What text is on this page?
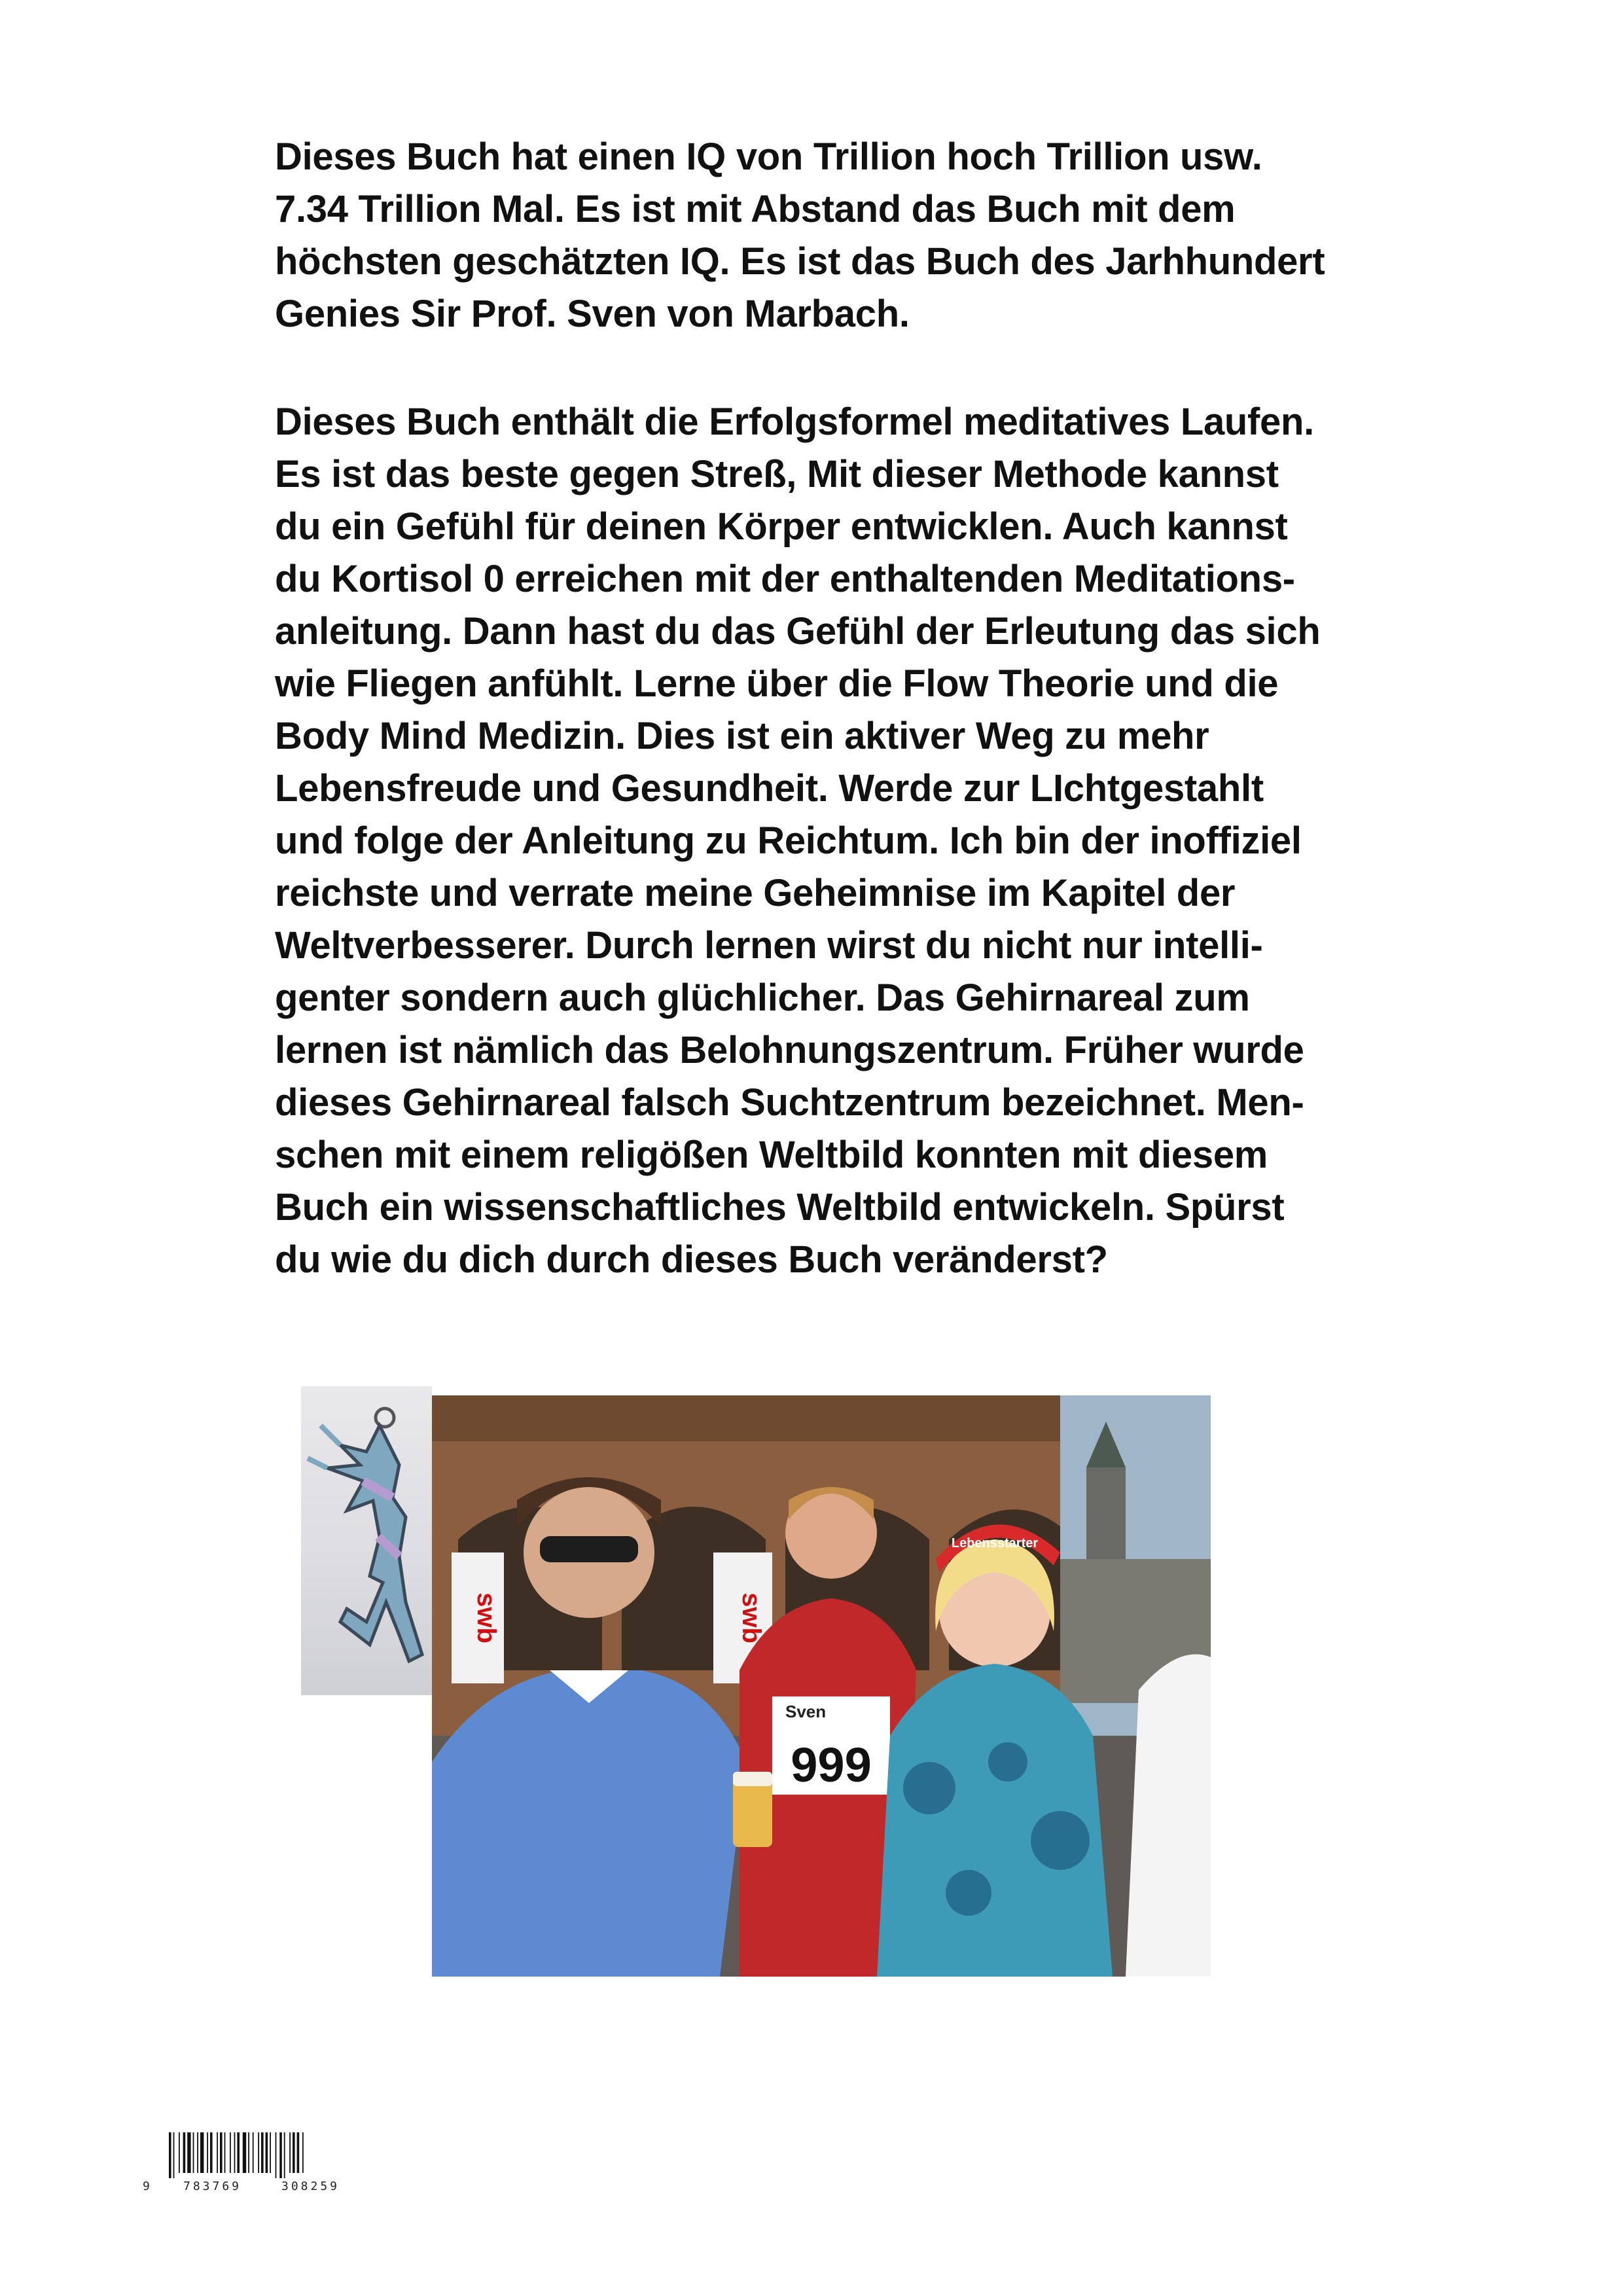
Dieses Buch hat einen IQ von Trillion hoch Trillion usw.
7.34 Trillion Mal. Es ist mit Abstand das Buch mit dem
höchsten geschätzten IQ. Es ist das Buch des Jarhhundert
Genies Sir Prof. Sven von Marbach.
Dieses Buch enthält die Erfolgsformel meditatives Laufen.
Es ist das beste gegen Streß, Mit dieser Methode kannst
du ein Gefühl für deinen Körper entwicklen. Auch kannst
du Kortisol 0 erreichen mit der enthaltenden Meditations-
anleitung. Dann hast du das Gefühl der Erleutung das sich
wie Fliegen anfühlt. Lerne über die Flow Theorie und die
Body Mind Medizin. Dies ist ein aktiver Weg zu mehr
Lebensfreude und Gesundheit. Werde zur LIchtgestahlt
und folge der Anleitung zu Reichtum. Ich bin der inoffiziel
reichste und verrate meine Geheimnise im Kapitel der
Weltverbesserer. Durch lernen wirst du nicht nur intelli-
genter sondern auch glüchlicher. Das Gehirnareal zum
lernen ist nämlich das Belohnungszentrum. Früher wurde
dieses Gehirnareal falsch Suchtzentrum bezeichnet. Men-
schen mit einem religößen Weltbild konnten mit diesem
Buch ein wissenschaftliches Weltbild entwickeln. Spürst
du wie du dich durch dieses Buch veränderst?
swb	swb
Sven
999
Lebensstarter
9	783769	308259
